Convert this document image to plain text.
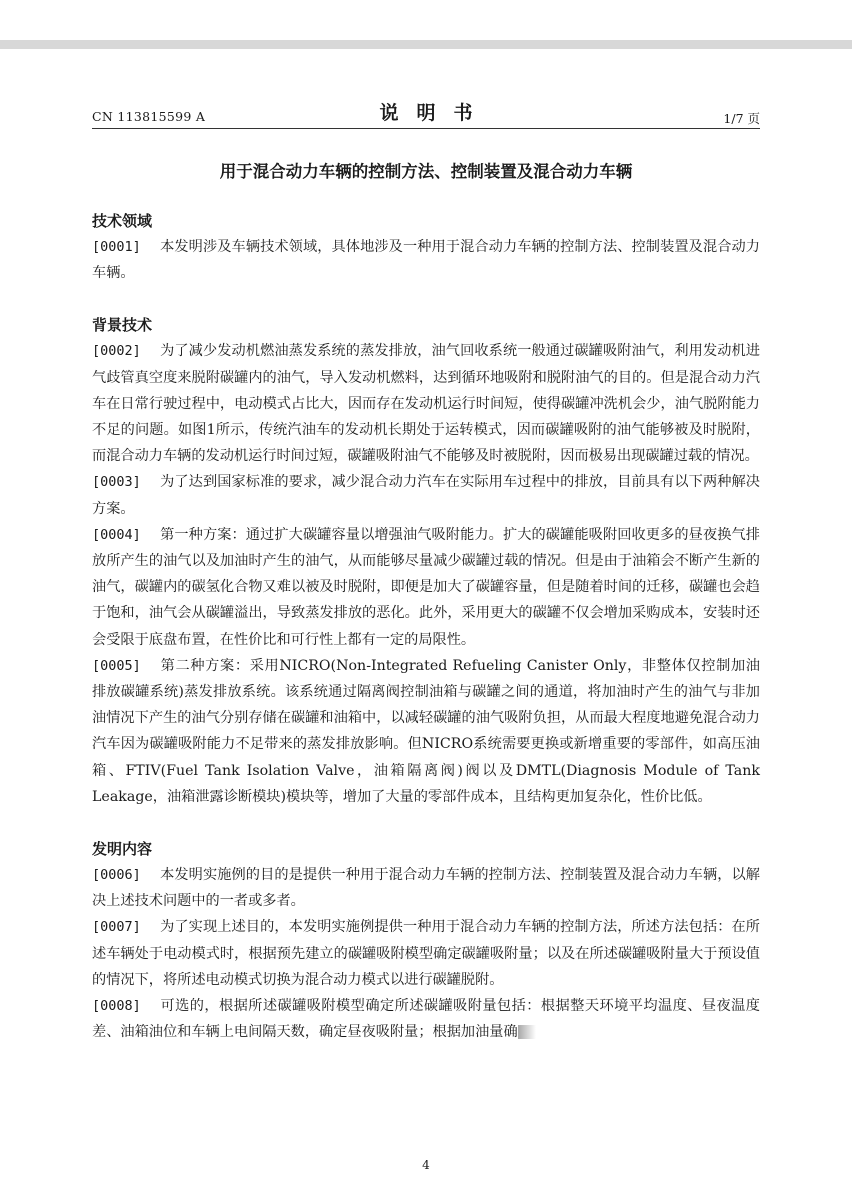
CN 113815599 A	说明书	1/7 页
用于混合动力车辆的控制方法、控制装置及混合动力车辆

技术领域

[0001] 本发明涉及车辆技术领域，具体地涉及一种用于混合动力车辆的控制方法、控制装置及混合动力车辆。

背景技术

[0002] 为了减少发动机燃油蒸发系统的蒸发排放，油气回收系统一般通过碳罐吸附油气，利用发动机进气歧管真空度来脱附碳罐内的油气，导入发动机燃料，达到循环地吸附和脱附油气的目的。但是混合动力汽车在日常行驶过程中，电动模式占比大，因而存在发动机运行时间短，使得碳罐冲洗机会少，油气脱附能力不足的问题。如图1所示，传统汽油车的发动机长期处于运转模式，因而碳罐吸附的油气能够被及时脱附，而混合动力车辆的发动机运行时间过短，碳罐吸附油气不能够及时被脱附，因而极易出现碳罐过载的情况。

[0003] 为了达到国家标准的要求，减少混合动力汽车在实际用车过程中的排放，目前具有以下两种解决方案。

[0004] 第一种方案：通过扩大碳罐容量以增强油气吸附能力。扩大的碳罐能吸附回收更多的昼夜换气排放所产生的油气以及加油时产生的油气，从而能够尽量减少碳罐过载的情况。但是由于油箱会不断产生新的油气，碳罐内的碳氢化合物又难以被及时脱附，即便是加大了碳罐容量，但是随着时间的迁移，碳罐也会趋于饱和，油气会从碳罐溢出，导致蒸发排放的恶化。此外，采用更大的碳罐不仅会增加采购成本，安装时还会受限于底盘布置，在性价比和可行性上都有一定的局限性。

[0005] 第二种方案：采用NICRO(Non-Integrated Refueling Canister Only，非整体仅控制加油排放碳罐系统)蒸发排放系统。该系统通过隔离阀控制油箱与碳罐之间的通道，将加油时产生的油气与非加油情况下产生的油气分别存储在碳罐和油箱中，以减轻碳罐的油气吸附负担，从而最大程度地避免混合动力汽车因为碳罐吸附能力不足带来的蒸发排放影响。但NICRO系统需要更换或新增重要的零部件，如高压油箱、FTIV(Fuel Tank Isolation Valve，油箱隔离阀)阀以及DMTL(Diagnosis Module of Tank Leakage，油箱泄露诊断模块)模块等，增加了大量的零部件成本，且结构更加复杂化，性价比低。

发明内容

[0006] 本发明实施例的目的是提供一种用于混合动力车辆的控制方法、控制装置及混合动力车辆，以解决上述技术问题中的一者或多者。

[0007] 为了实现上述目的，本发明实施例提供一种用于混合动力车辆的控制方法，所述方法包括：在所述车辆处于电动模式时，根据预先建立的碳罐吸附模型确定碳罐吸附量；以及在所述碳罐吸附量大于预设值的情况下，将所述电动模式切换为混合动力模式以进行碳罐脱附。

[0008] 可选的，根据所述碳罐吸附模型确定所述碳罐吸附量包括：根据整天环境平均温度、昼夜温度差、油箱油位和车辆上电间隔天数，确定昼夜吸附量；根据加油量确

4
